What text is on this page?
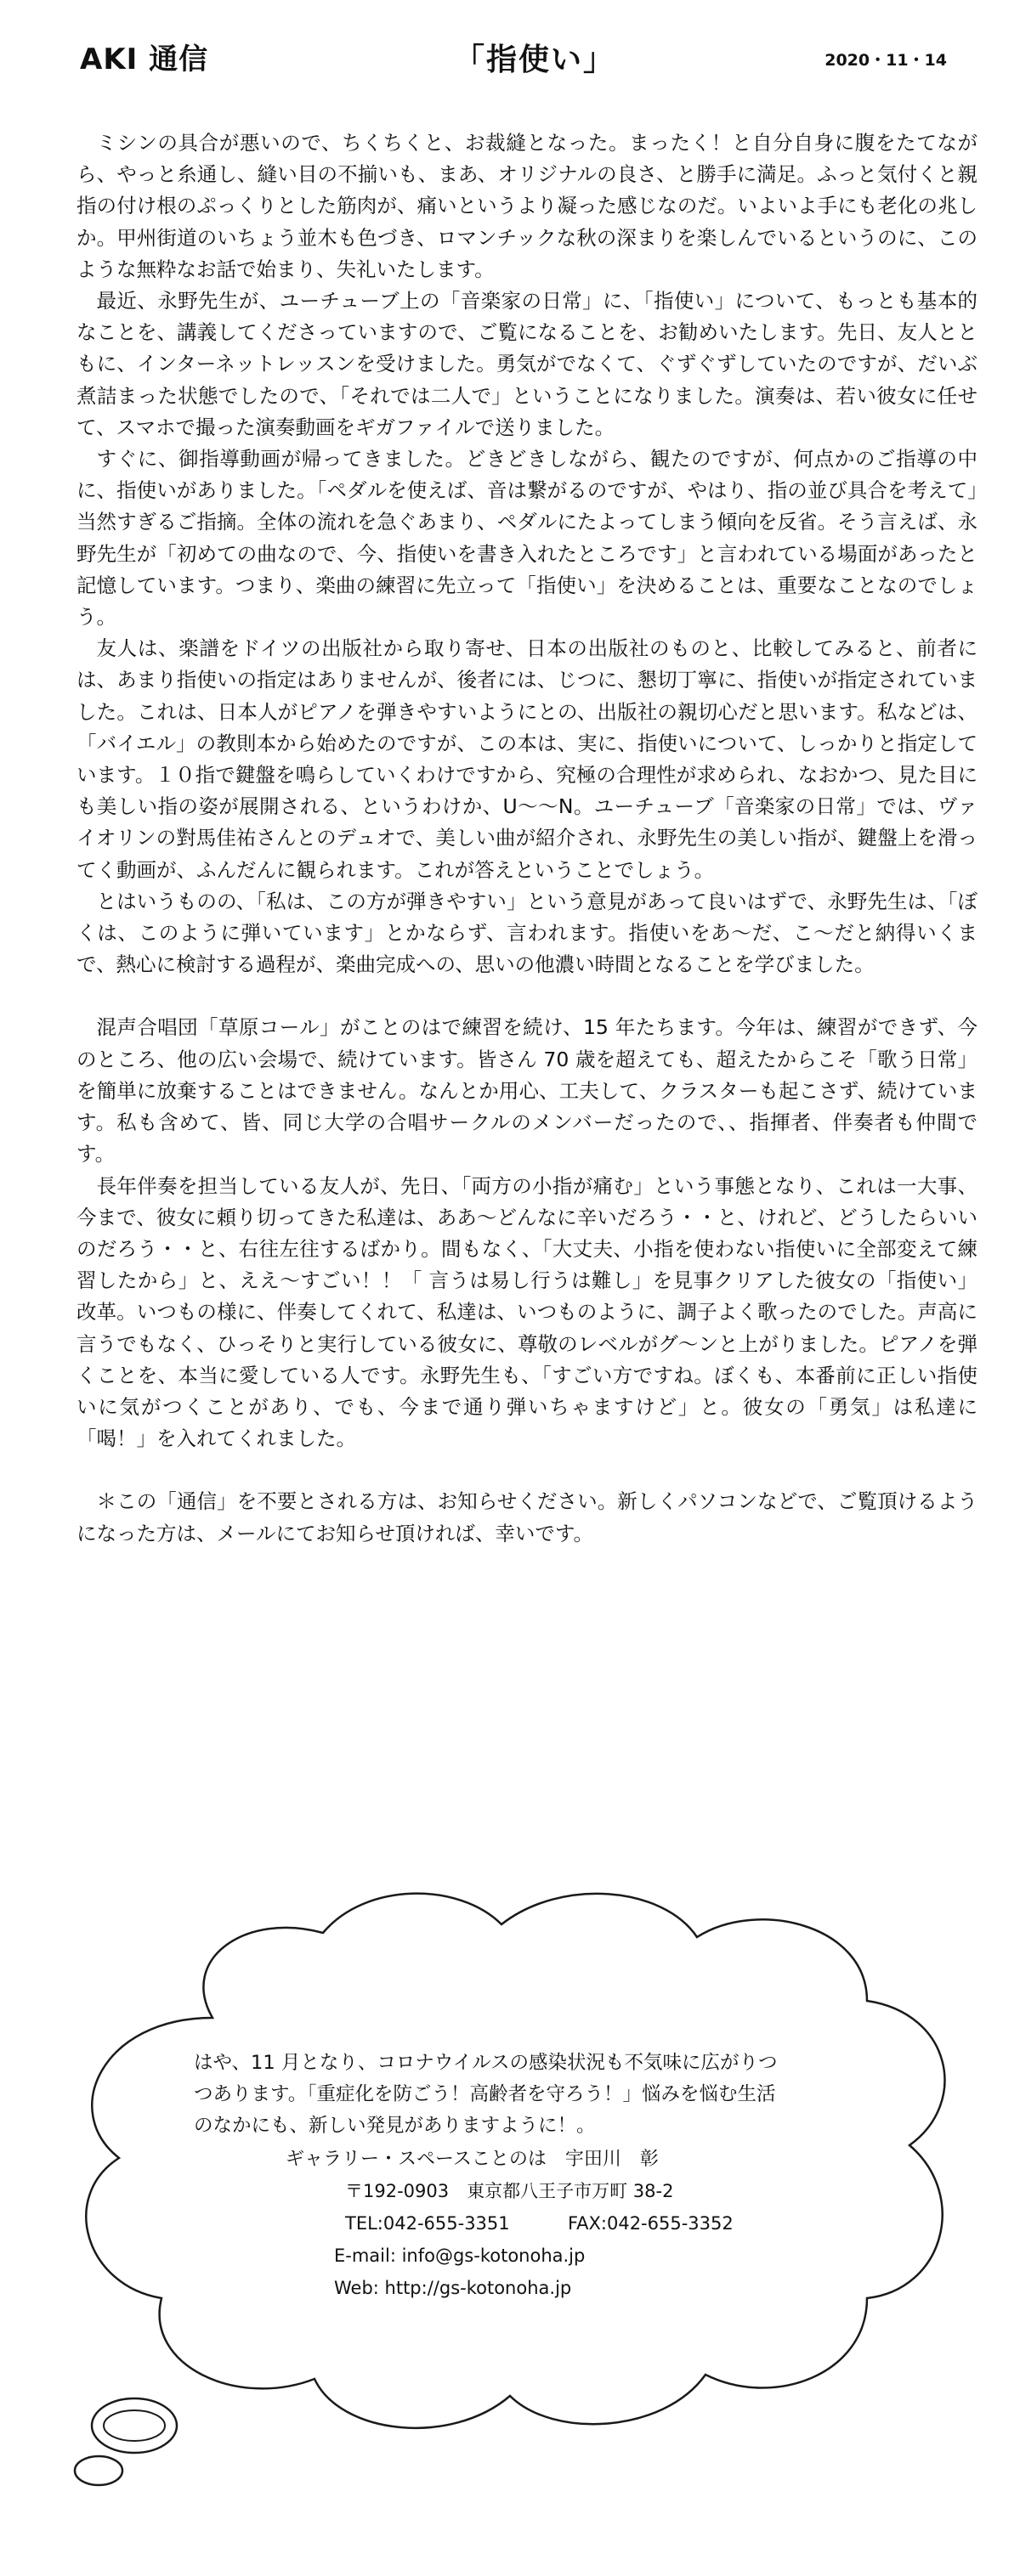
AKI 通信	「指使い」	2020・11・14

ミシンの具合が悪いので、ちくちくと、お裁縫となった。まったく！と自分自身に腹をたてながら、やっと糸通し、縫い目の不揃いも、まあ、オリジナルの良さ、と勝手に満足。ふっと気付くと親指の付け根のぷっくりとした筋肉が、痛いというより凝った感じなのだ。いよいよ手にも老化の兆しか。甲州街道のいちょう並木も色づき、ロマンチックな秋の深まりを楽しんでいるというのに、このような無粋なお話で始まり、失礼いたします。

最近、永野先生が、ユーチューブ上の「音楽家の日常」に、「指使い」について、もっとも基本的なことを、講義してくださっていますので、ご覧になることを、お勧めいたします。先日、友人とともに、インターネットレッスンを受けました。勇気がでなくて、ぐずぐずしていたのですが、だいぶ煮詰まった状態でしたので、「それでは二人で」ということになりました。演奏は、若い彼女に任せて、スマホで撮った演奏動画をギガファイルで送りました。

すぐに、御指導動画が帰ってきました。どきどきしながら、観たのですが、何点かのご指導の中に、指使いがありました。「ペダルを使えば、音は繋がるのですが、やはり、指の並び具合を考えて」当然すぎるご指摘。全体の流れを急ぐあまり、ペダルにたよってしまう傾向を反省。そう言えば、永野先生が「初めての曲なので、今、指使いを書き入れたところです」と言われている場面があったと記憶しています。つまり、楽曲の練習に先立って「指使い」を決めることは、重要なことなのでしょう。

友人は、楽譜をドイツの出版社から取り寄せ、日本の出版社のものと、比較してみると、前者には、あまり指使いの指定はありませんが、後者には、じつに、懇切丁寧に、指使いが指定されていました。これは、日本人がピアノを弾きやすいようにとの、出版社の親切心だと思います。私などは、「バイエル」の教則本から始めたのですが、この本は、実に、指使いについて、しっかりと指定しています。１０指で鍵盤を鳴らしていくわけですから、究極の合理性が求められ、なおかつ、見た目にも美しい指の姿が展開される、というわけか、U〜〜N。ユーチューブ「音楽家の日常」では、ヴァイオリンの對馬佳祐さんとのデュオで、美しい曲が紹介され、永野先生の美しい指が、鍵盤上を滑ってく動画が、ふんだんに観られます。これが答えということでしょう。

とはいうものの、「私は、この方が弾きやすい」という意見があって良いはずで、永野先生は、「ぼくは、このように弾いています」とかならず、言われます。指使いをあ〜だ、こ〜だと納得いくまで、熱心に検討する過程が、楽曲完成への、思いの他濃い時間となることを学びました。

混声合唱団「草原コール」がことのはで練習を続け、15 年たちます。今年は、練習ができず、今のところ、他の広い会場で、続けています。皆さん 70 歳を超えても、超えたからこそ「歌う日常」を簡単に放棄することはできません。なんとか用心、工夫して、クラスターも起こさず、続けています。私も含めて、皆、同じ大学の合唱サークルのメンバーだったので、、指揮者、伴奏者も仲間です。

長年伴奏を担当している友人が、先日、「両方の小指が痛む」という事態となり、これは一大事、今まで、彼女に頼り切ってきた私達は、ああ〜どんなに辛いだろう・・と、けれど、どうしたらいいのだろう・・と、右往左往するばかり。間もなく、「大丈夫、小指を使わない指使いに全部変えて練習したから」と、ええ〜すごい！！「 言うは易し行うは難し」を見事クリアした彼女の「指使い」改革。いつもの様に、伴奏してくれて、私達は、いつものように、調子よく歌ったのでした。声高に言うでもなく、ひっそりと実行している彼女に、尊敬のレベルがグ〜ンと上がりました。ピアノを弾くことを、本当に愛している人です。永野先生も、「すごい方ですね。ぼくも、本番前に正しい指使いに気がつくことがあり、でも、今まで通り弾いちゃますけど」と。彼女の「勇気」は私達に「喝！」を入れてくれました。

＊この「通信」を不要とされる方は、お知らせください。新しくパソコンなどで、ご覧頂けるようになった方は、メールにてお知らせ頂ければ、幸いです。

はや、11 月となり、コロナウイルスの感染状況も不気味に広がりつつあります。「重症化を防ごう！高齢者を守ろう！」悩みを悩む生活のなかにも、新しい発見がありますように！。

ギャラリー・スペースことのは　宇田川　彰
〒192-0903　東京都八王子市万町 38-2
TEL:042-655-3351	FAX:042-655-3352
E-mail: info@gs-kotonoha.jp
Web: http://gs-kotonoha.jp
